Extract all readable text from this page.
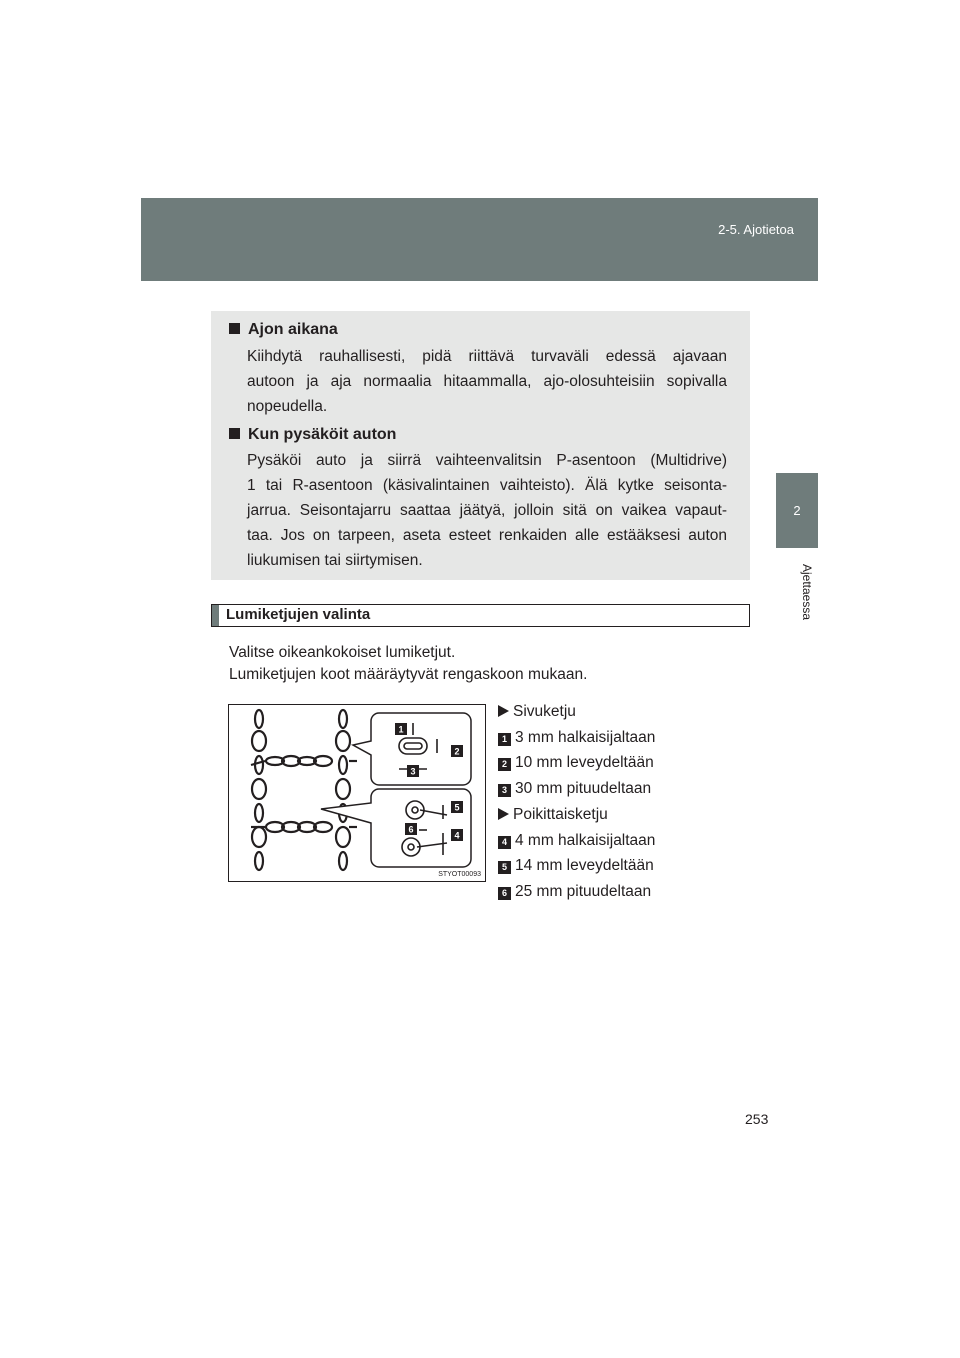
2-5. Ajotietoa
2
Ajettaessa
Ajon aikana
Kiihdytä rauhallisesti, pidä riittävä turvaväli edessä ajavaan
autoon ja aja normaalia hitaammalla, ajo-olosuhteisiin sopivalla
nopeudella.
Kun pysäköit auton
Pysäköi auto ja siirrä vaihteenvalitsin P-asentoon (Multidrive)
1 tai R-asentoon (käsivalintainen vaihteisto). Älä kytke seisonta-
jarrua. Seisontajarru saattaa jäätyä, jolloin sitä on vaikea vapaut-
taa. Jos on tarpeen, aseta esteet renkaiden alle estääksesi auton
liukumisen tai siirtymisen.
Lumiketjujen valinta
Valitse oikeankokoiset lumiketjut.
Lumiketjujen koot määräytyvät rengaskoon mukaan.
1
2
3
4
5
6
STYOT00093
Sivuketju
1 3 mm halkaisijaltaan
2 10 mm leveydeltään
3 30 mm pituudeltaan
Poikittaisketju
4 4 mm halkaisijaltaan
5 14 mm leveydeltään
6 25 mm pituudeltaan
253
